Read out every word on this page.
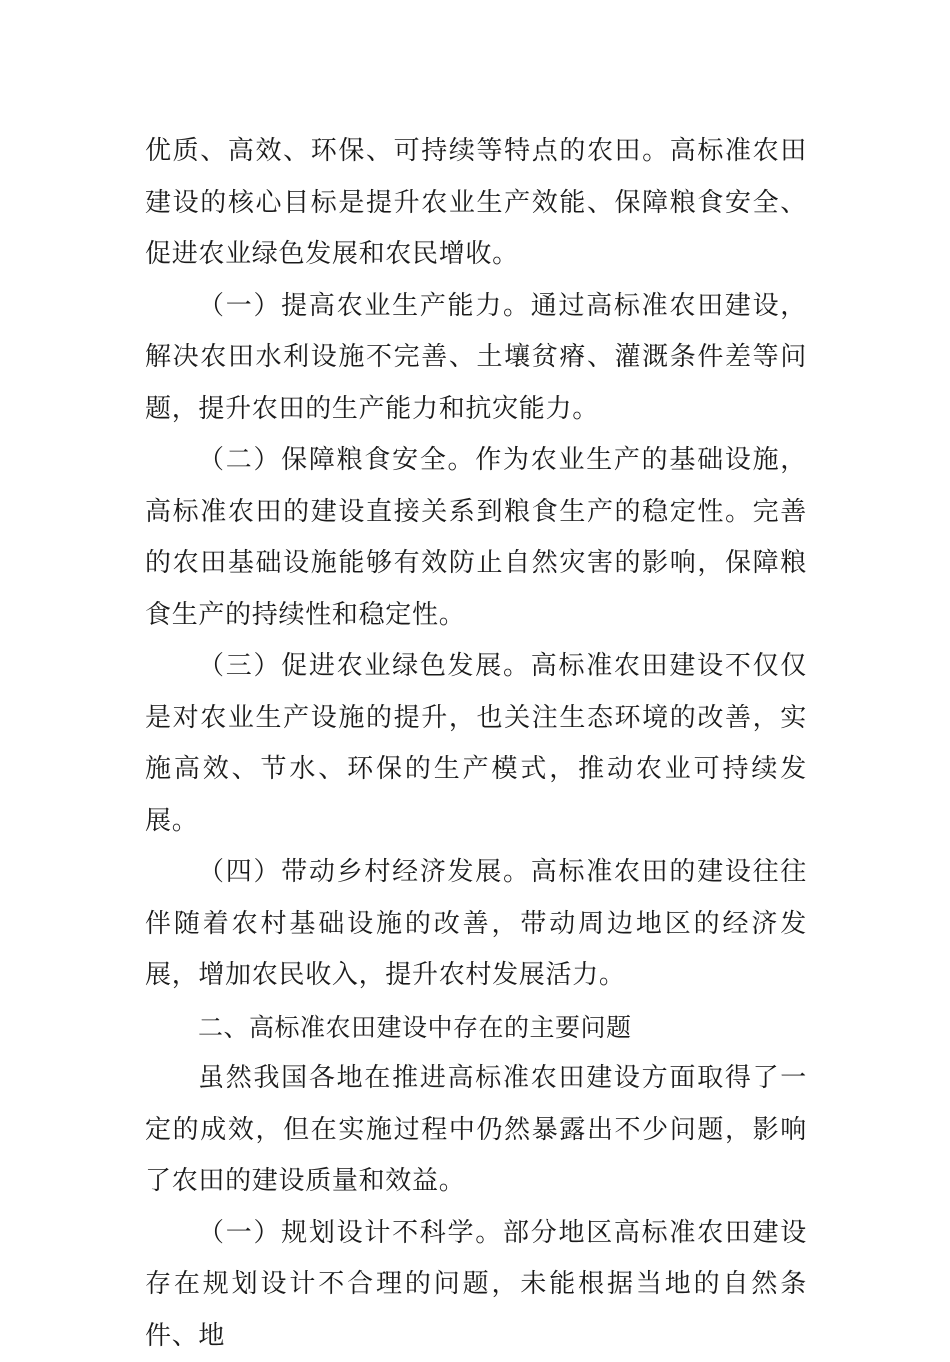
优质、高效、环保、可持续等特点的农田。高标准农田建设的核心目标是提升农业生产效能、保障粮食安全、促进农业绿色发展和农民增收。

（一）提高农业生产能力。通过高标准农田建设，解决农田水利设施不完善、土壤贫瘠、灌溉条件差等问题，提升农田的生产能力和抗灾能力。

（二）保障粮食安全。作为农业生产的基础设施，高标准农田的建设直接关系到粮食生产的稳定性。完善的农田基础设施能够有效防止自然灾害的影响，保障粮食生产的持续性和稳定性。

（三）促进农业绿色发展。高标准农田建设不仅仅是对农业生产设施的提升，也关注生态环境的改善，实施高效、节水、环保的生产模式，推动农业可持续发展。

（四）带动乡村经济发展。高标准农田的建设往往伴随着农村基础设施的改善，带动周边地区的经济发展，增加农民收入，提升农村发展活力。

二、高标准农田建设中存在的主要问题

虽然我国各地在推进高标准农田建设方面取得了一定的成效，但在实施过程中仍然暴露出不少问题，影响了农田的建设质量和效益。

（一）规划设计不科学。部分地区高标准农田建设存在规划设计不合理的问题，未能根据当地的自然条件、地
